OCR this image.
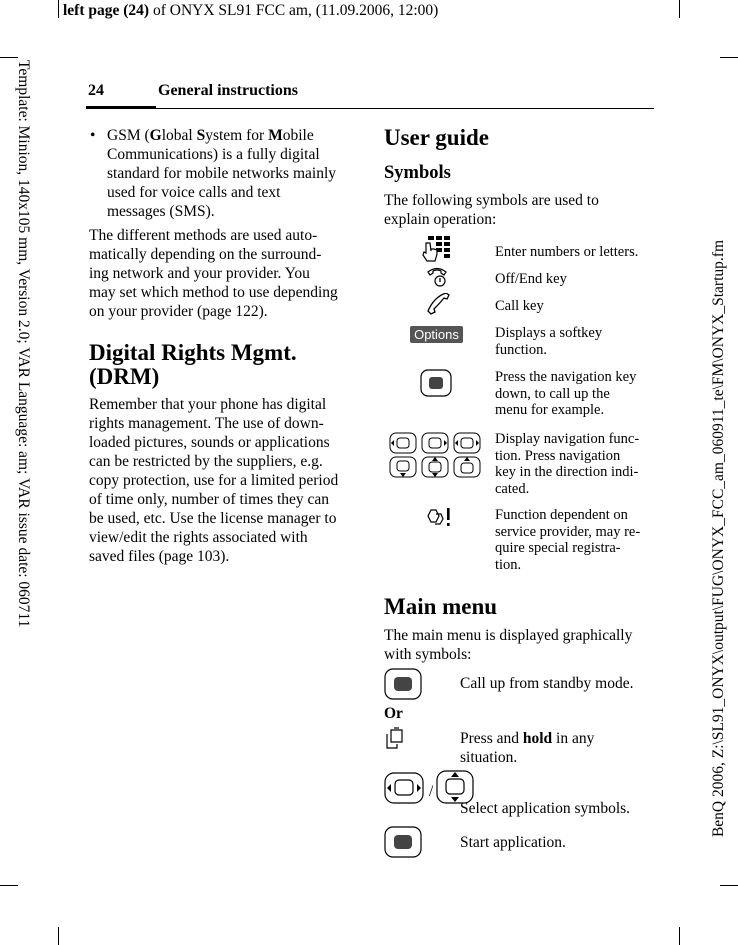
left page (24) of ONYX SL91 FCC am, (11.09.2006, 12:00)
Template: Minion, 140x105 mm, Version 2.0; VAR Language: am; VAR issue date: 060711	BenQ 2006, Z:\SL91_ONYX\output\FUG\ONYX_FCC_am_060911_te\FM\ONYX_Startup.fm
24	General instructions
• GSM (Global System for Mobile
Communications) is a fully digital
standard for mobile networks mainly
used for voice calls and text
messages (SMS).
The different methods are used auto-
matically depending on the surround-
ing network and your provider. You
may set which method to use depending
on your provider (page 122).
Digital Rights Mgmt.
(DRM)
Remember that your phone has digital
rights management. The use of down-
loaded pictures, sounds or applications
can be restricted by the suppliers, e.g.
copy protection, use for a limited period
of time only, number of times they can
be used, etc. Use the license manager to
view/edit the rights associated with
saved files (page 103).
User guide
Symbols
The following symbols are used to
explain operation:
Enter numbers or letters.
Off/End key
Call key
Options Displays a softkey
function.
Press the navigation key
down, to call up the
menu for example.
Display navigation func-
tion. Press navigation
key in the direction indi-
cated.
Function dependent on
service provider, may re-
quire special registra-
tion.
Main menu
The main menu is displayed graphically
with symbols:
Call up from standby mode.
Or
Press and hold in any
situation.
/
Select application symbols.
Start application.
